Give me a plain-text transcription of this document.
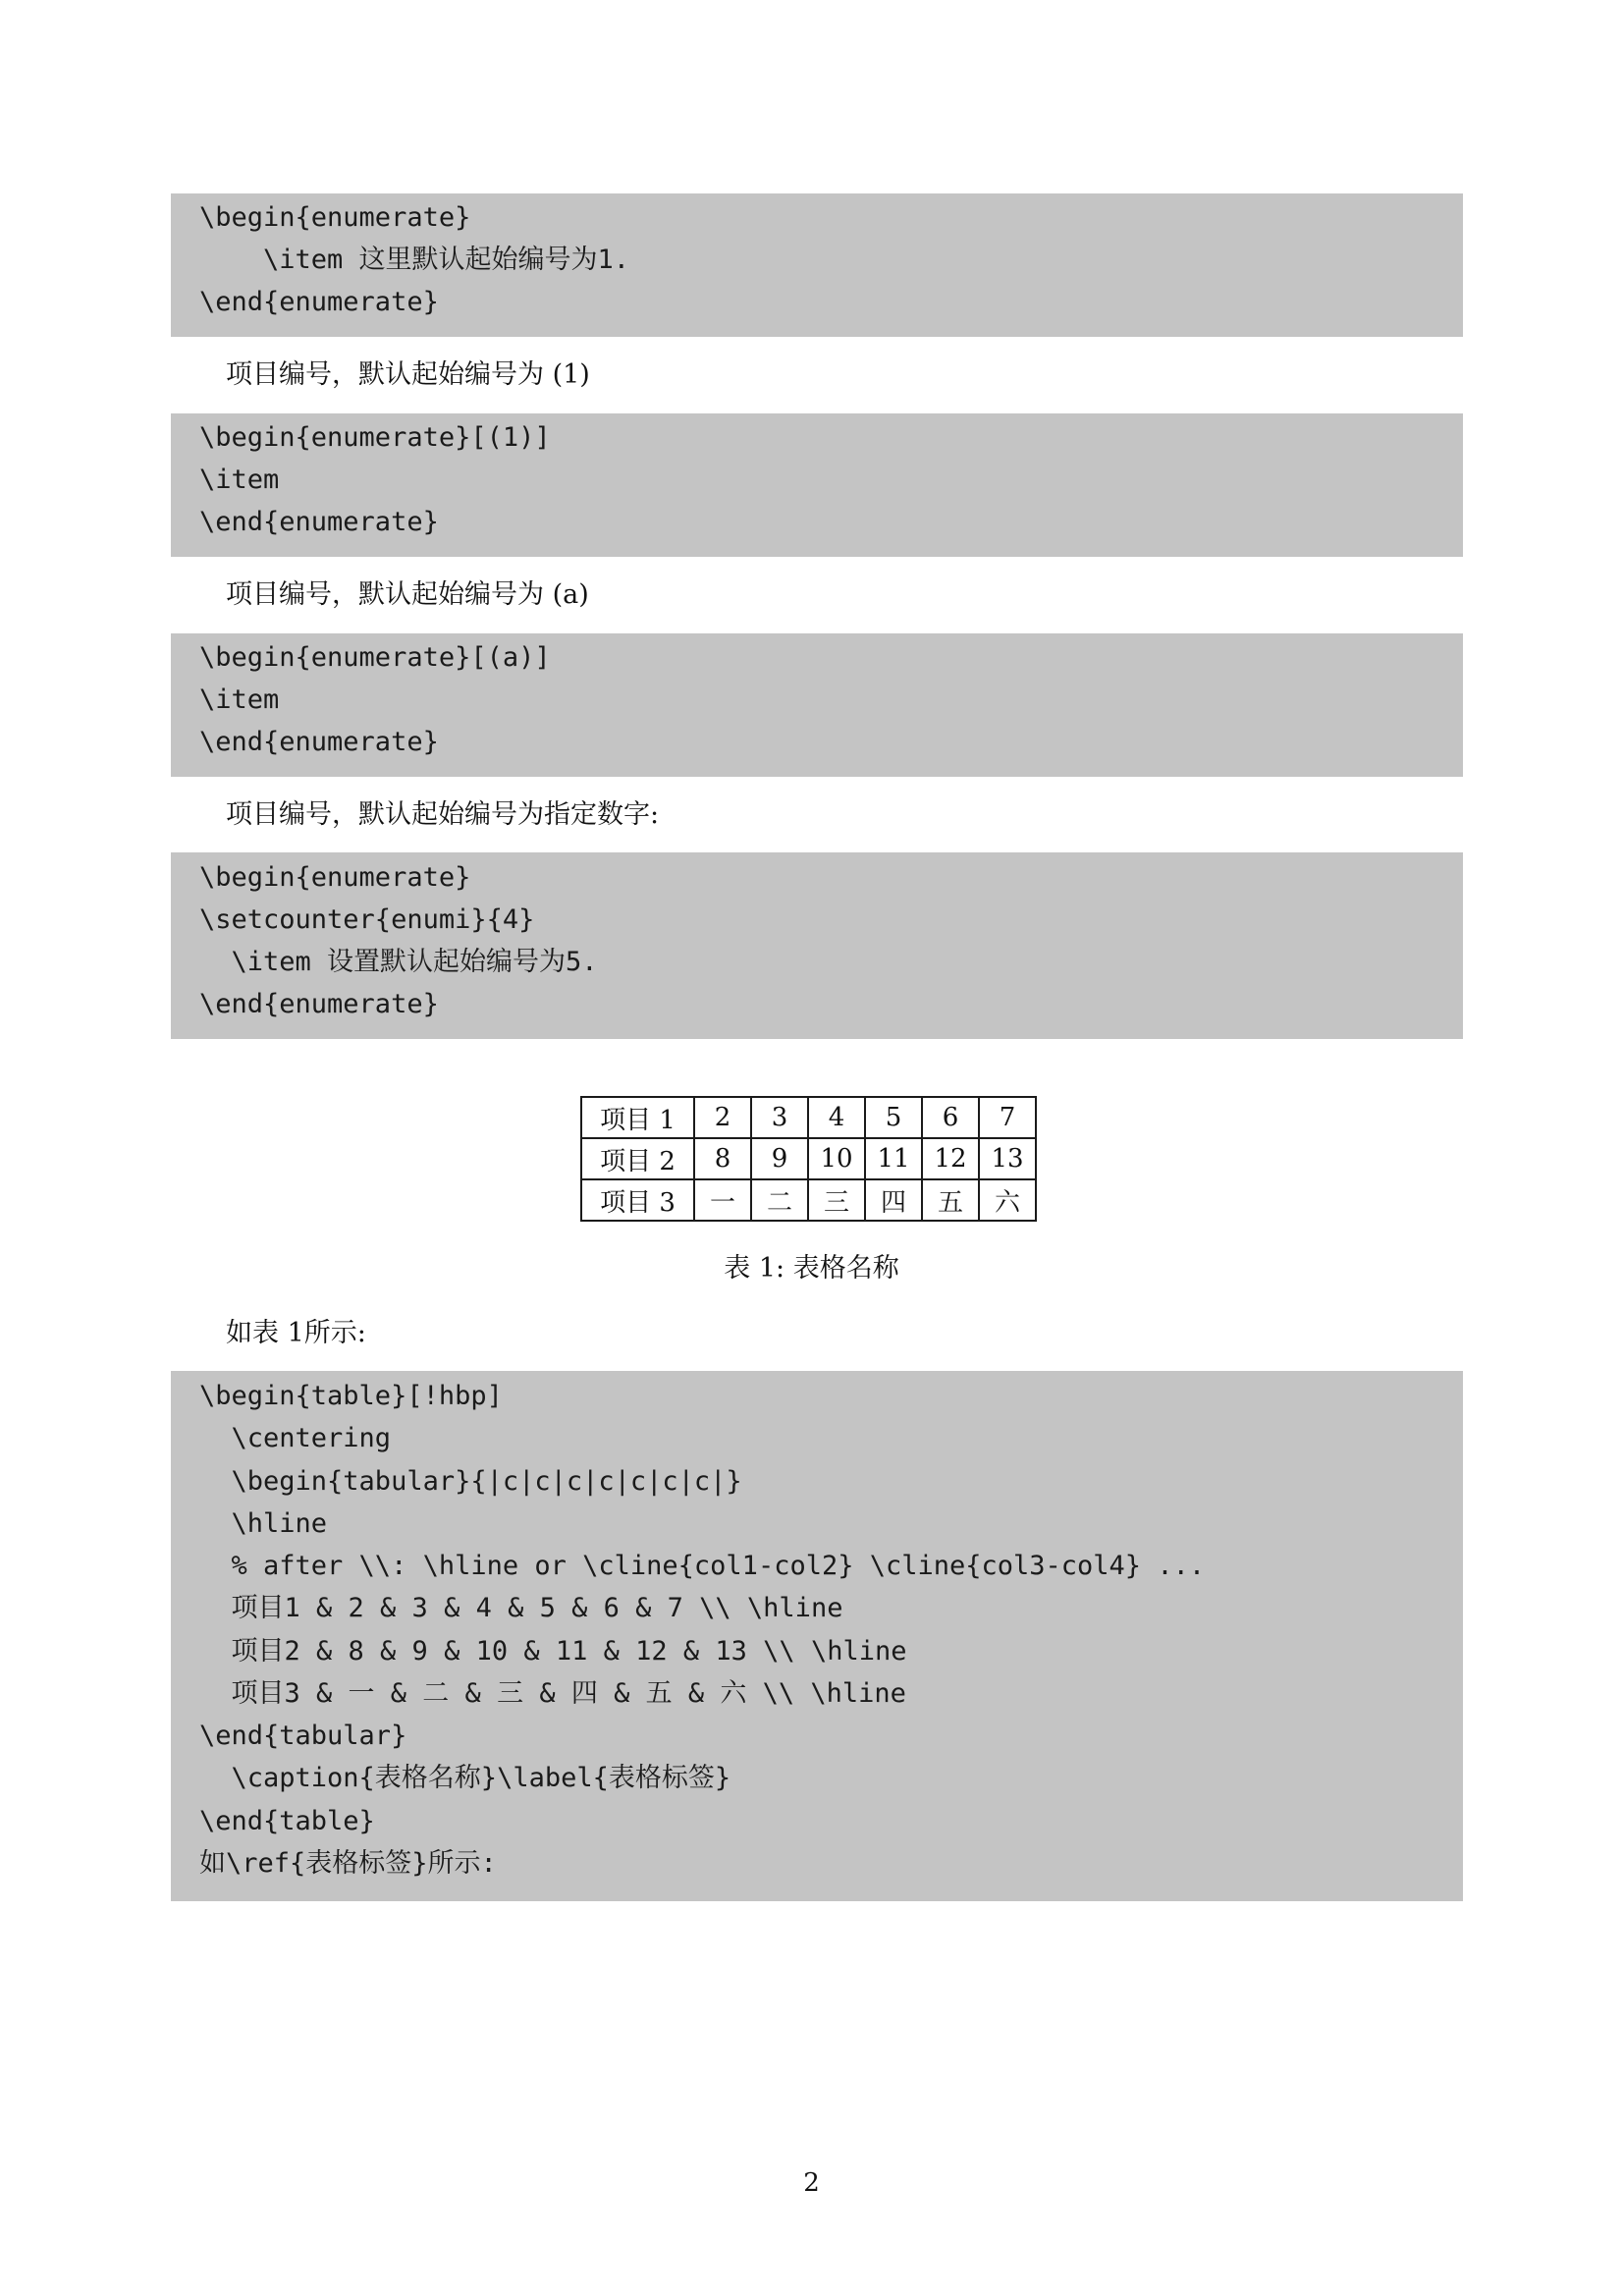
\begin{enumerate}
\item 这里默认起始编号为1.
\end{enumerate}
项目编号，默认起始编号为 (1)
\begin{enumerate}[(1)]
\item
\end{enumerate}
项目编号，默认起始编号为 (a)
\begin{enumerate}[(a)]
\item
\end{enumerate}
项目编号，默认起始编号为指定数字:
\begin{enumerate}
\setcounter{enumi}{4}
\item 设置默认起始编号为5.
\end{enumerate}
项目 1	2	3	4	5	6	7
项目 2	8	9	10	11	12	13
项目 3	一	二	三	四	五	六
表 1: 表格名称
如表 1所示:
\begin{table}[!hbp]
\centering
\begin{tabular}{|c|c|c|c|c|c|c|}
\hline
% after \\: \hline or \cline{col1-col2} \cline{col3-col4} ...
项目1 & 2 & 3 & 4 & 5 & 6 & 7 \\ \hline
项目2 & 8 & 9 & 10 & 11 & 12 & 13 \\ \hline
项目3 & 一 & 二 & 三 & 四 & 五 & 六 \\ \hline
\end{tabular}
\caption{表格名称}\label{表格标签}
\end{table}
如\ref{表格标签}所示:
2
